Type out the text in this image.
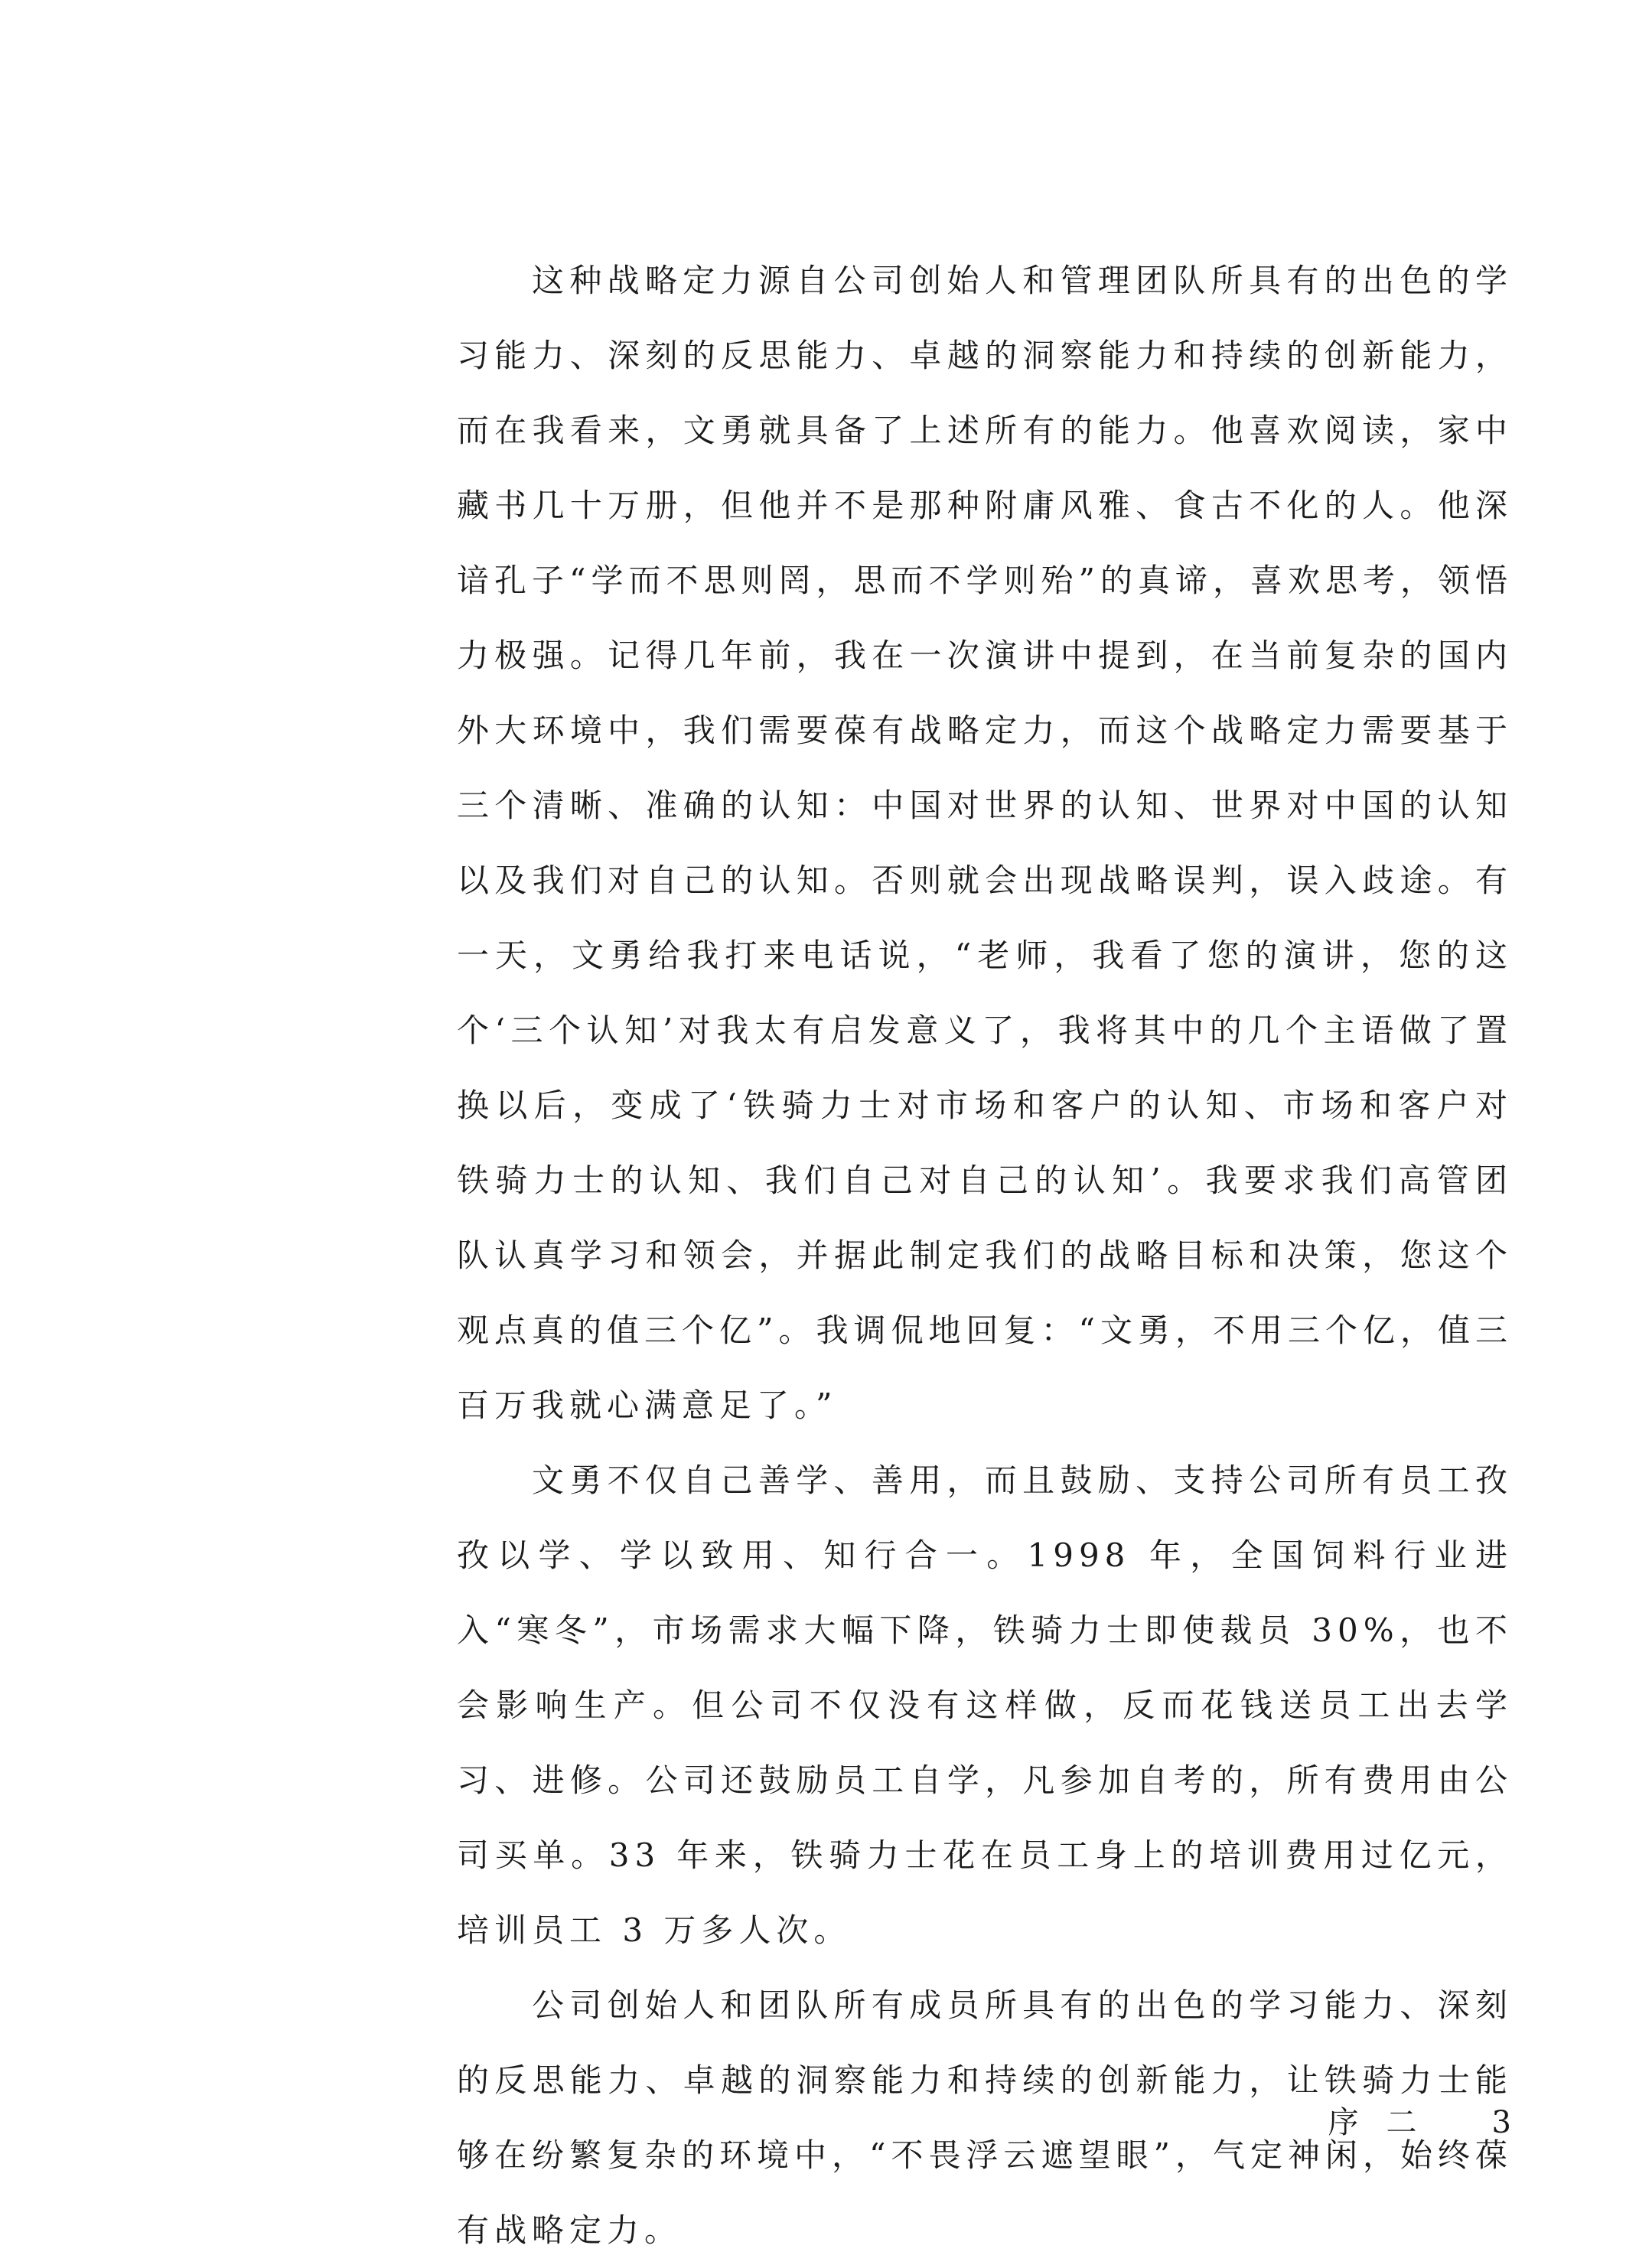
这种战略定力源自公司创始人和管理团队所具有的出色的学习能力、深刻的反思能力、卓越的洞察能力和持续的创新能力，而在我看来，文勇就具备了上述所有的能力。他喜欢阅读，家中藏书几十万册，但他并不是那种附庸风雅、食古不化的人。他深谙孔子“学而不思则罔，思而不学则殆”的真谛，喜欢思考，领悟力极强。记得几年前，我在一次演讲中提到，在当前复杂的国内外大环境中，我们需要葆有战略定力，而这个战略定力需要基于三个清晰、准确的认知：中国对世界的认知、世界对中国的认知以及我们对自己的认知。否则就会出现战略误判，误入歧途。有一天，文勇给我打来电话说，“老师，我看了您的演讲，您的这个‘三个认知’对我太有启发意义了，我将其中的几个主语做了置换以后，变成了‘铁骑力士对市场和客户的认知、市场和客户对铁骑力士的认知、我们自己对自己的认知’。我要求我们高管团队认真学习和领会，并据此制定我们的战略目标和决策，您这个观点真的值三个亿”。我调侃地回复：“文勇，不用三个亿，值三百万我就心满意足了。”

文勇不仅自己善学、善用，而且鼓励、支持公司所有员工孜孜以学、学以致用、知行合一。1998 年，全国饲料行业进入“寒冬”，市场需求大幅下降，铁骑力士即使裁员 30%，也不会影响生产。但公司不仅没有这样做，反而花钱送员工出去学习、进修。公司还鼓励员工自学，凡参加自考的，所有费用由公司买单。33 年来，铁骑力士花在员工身上的培训费用过亿元，培训员工 3 万多人次。

公司创始人和团队所有成员所具有的出色的学习能力、深刻的反思能力、卓越的洞察能力和持续的创新能力，让铁骑力士能够在纷繁复杂的环境中，“不畏浮云遮望眼”，气定神闲，始终葆有战略定力。

序二 3
